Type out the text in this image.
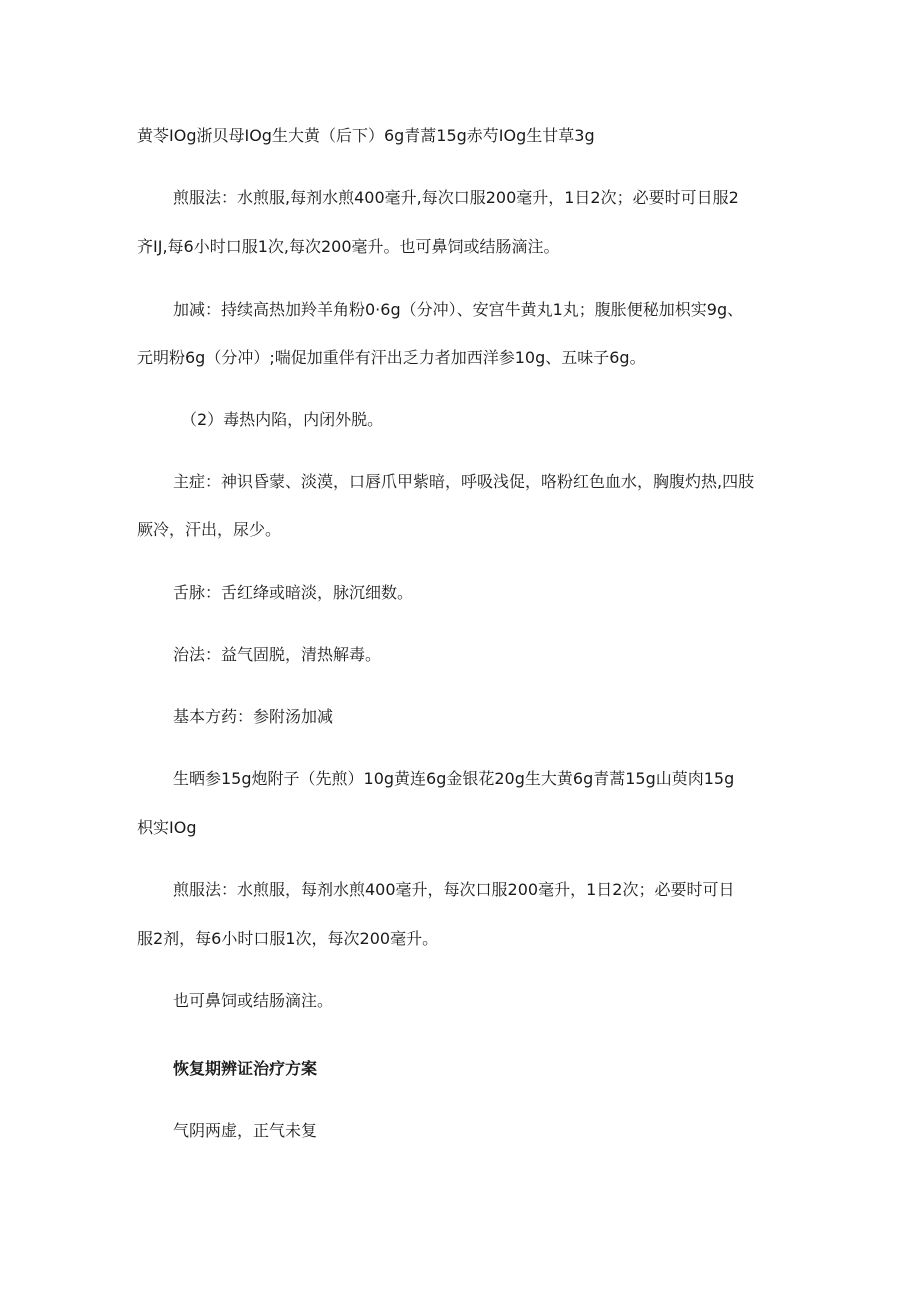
黄苓IOg浙贝母IOg生大黄（后下）6g青蒿15g赤芍IOg生甘草3g
煎服法：水煎服,每剂水煎400毫升,每次口服200毫升，1日2次；必要时可日服2
齐IJ,每6小时口服1次,每次200毫升。也可鼻饲或结肠滴注。
加减：持续高热加羚羊角粉0·6g（分冲）、安宫牛黄丸1丸；腹胀便秘加枳实9g、
元明粉6g（分冲）;喘促加重伴有汗出乏力者加西洋参10g、五味子6g。
（2）毒热内陷，内闭外脱。
主症：神识昏蒙、淡漠，口唇爪甲紫暗，呼吸浅促，咯粉红色血水，胸腹灼热,四肢
厥冷，汗出，尿少。
舌脉：舌红绛或暗淡，脉沉细数。
治法：益气固脱，清热解毒。
基本方药：参附汤加减
生晒参15g炮附子（先煎）10g黄连6g金银花20g生大黄6g青蒿15g山萸肉15g
枳实IOg
煎服法：水煎服，每剂水煎400毫升，每次口服200毫升，1日2次；必要时可日
服2剂，每6小时口服1次，每次200毫升。
也可鼻饲或结肠滴注。
恢复期辨证治疗方案
气阴两虚，正气未复
